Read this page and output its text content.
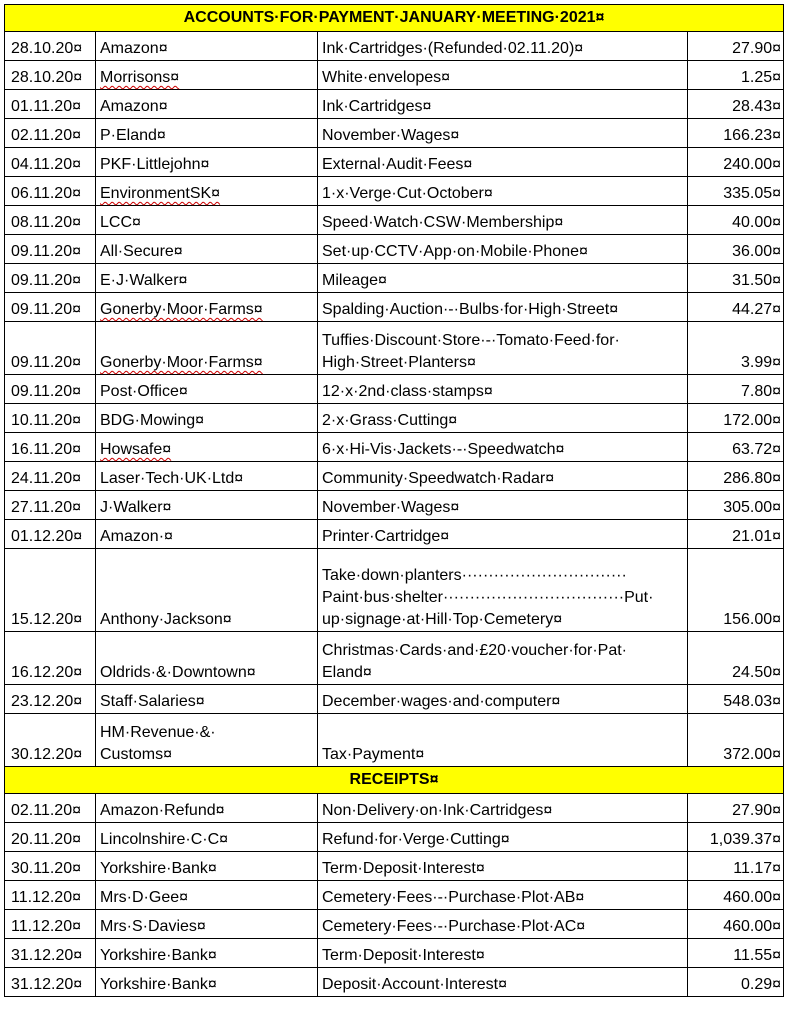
ACCOUNTS·FOR·PAYMENT·JANUARY·MEETING·2021¤			
28.10.20¤	Amazon¤	Ink·Cartridges·(Refunded·02.11.20)¤	27.90¤
28.10.20¤	Morrisons¤	White·envelopes¤	1.25¤
01.11.20¤	Amazon¤	Ink·Cartridges¤	28.43¤
02.11.20¤	P·Eland¤	November·Wages¤	166.23¤
04.11.20¤	PKF·Littlejohn¤	External·Audit·Fees¤	240.00¤
06.11.20¤	EnvironmentSK¤	1·x·Verge·Cut·October¤	335.05¤
08.11.20¤	LCC¤	Speed·Watch·CSW·Membership¤	40.00¤
09.11.20¤	All·Secure¤	Set·up·CCTV·App·on·Mobile·Phone¤	36.00¤
09.11.20¤	E·J·Walker¤	Mileage¤	31.50¤
09.11.20¤	Gonerby·Moor·Farms¤	Spalding·Auction·-·Bulbs·for·High·Street¤	44.27¤
09.11.20¤	Gonerby·Moor·Farms¤	Tuffies·Discount·Store·-·Tomato·Feed·for·
High·Street·Planters¤	3.99¤
09.11.20¤	Post·Office¤	12·x·2nd·class·stamps¤	7.80¤
10.11.20¤	BDG·Mowing¤	2·x·Grass·Cutting¤	172.00¤
16.11.20¤	Howsafe¤	6·x·Hi-Vis·Jackets·-·Speedwatch¤	63.72¤
24.11.20¤	Laser·Tech·UK·Ltd¤	Community·Speedwatch·Radar¤	286.80¤
27.11.20¤	J·Walker¤	November·Wages¤	305.00¤
01.12.20¤	Amazon·¤	Printer·Cartridge¤	21.01¤
15.12.20¤	Anthony·Jackson¤	Take·down·planters·······························
Paint·bus·shelter··································Put·
up·signage·at·Hill·Top·Cemetery¤	156.00¤
16.12.20¤	Oldrids·&·Downtown¤	Christmas·Cards·and·£20·voucher·for·Pat·
Eland¤	24.50¤
23.12.20¤	Staff·Salaries¤	December·wages·and·computer¤	548.03¤
30.12.20¤	HM·Revenue·&·
Customs¤	Tax·Payment¤	372.00¤
RECEIPTS¤			
02.11.20¤	Amazon·Refund¤	Non·Delivery·on·Ink·Cartridges¤	27.90¤
20.11.20¤	Lincolnshire·C·C¤	Refund·for·Verge·Cutting¤	1,039.37¤
30.11.20¤	Yorkshire·Bank¤	Term·Deposit·Interest¤	11.17¤
11.12.20¤	Mrs·D·Gee¤	Cemetery·Fees·-·Purchase·Plot·AB¤	460.00¤
11.12.20¤	Mrs·S·Davies¤	Cemetery·Fees·-·Purchase·Plot·AC¤	460.00¤
31.12.20¤	Yorkshire·Bank¤	Term·Deposit·Interest¤	11.55¤
31.12.20¤	Yorkshire·Bank¤	Deposit·Account·Interest¤	0.29¤
